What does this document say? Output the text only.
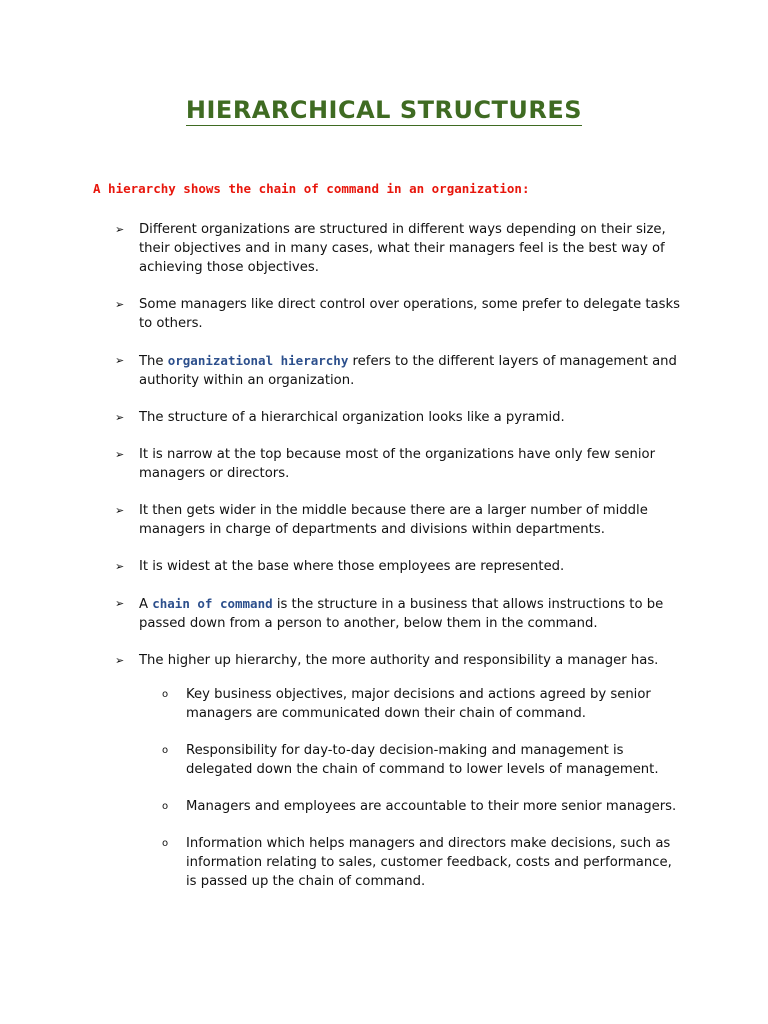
HIERARCHICAL STRUCTURES

A hierarchy shows the chain of command in an organization:

➢ Different organizations are structured in different ways depending on their size, their objectives and in many cases, what their managers feel is the best way of achieving those objectives.
➢ Some managers like direct control over operations, some prefer to delegate tasks to others.
➢ The organizational hierarchy refers to the different layers of management and authority within an organization.
➢ The structure of a hierarchical organization looks like a pyramid.
➢ It is narrow at the top because most of the organizations have only few senior managers or directors.
➢ It then gets wider in the middle because there are a larger number of middle managers in charge of departments and divisions within departments.
➢ It is widest at the base where those employees are represented.
➢ A chain of command is the structure in a business that allows instructions to be passed down from a person to another, below them in the command.
➢ The higher up hierarchy, the more authority and responsibility a manager has.
o Key business objectives, major decisions and actions agreed by senior managers are communicated down their chain of command.
o Responsibility for day-to-day decision-making and management is delegated down the chain of command to lower levels of management.
o Managers and employees are accountable to their more senior managers.
o Information which helps managers and directors make decisions, such as information relating to sales, customer feedback, costs and performance, is passed up the chain of command.
